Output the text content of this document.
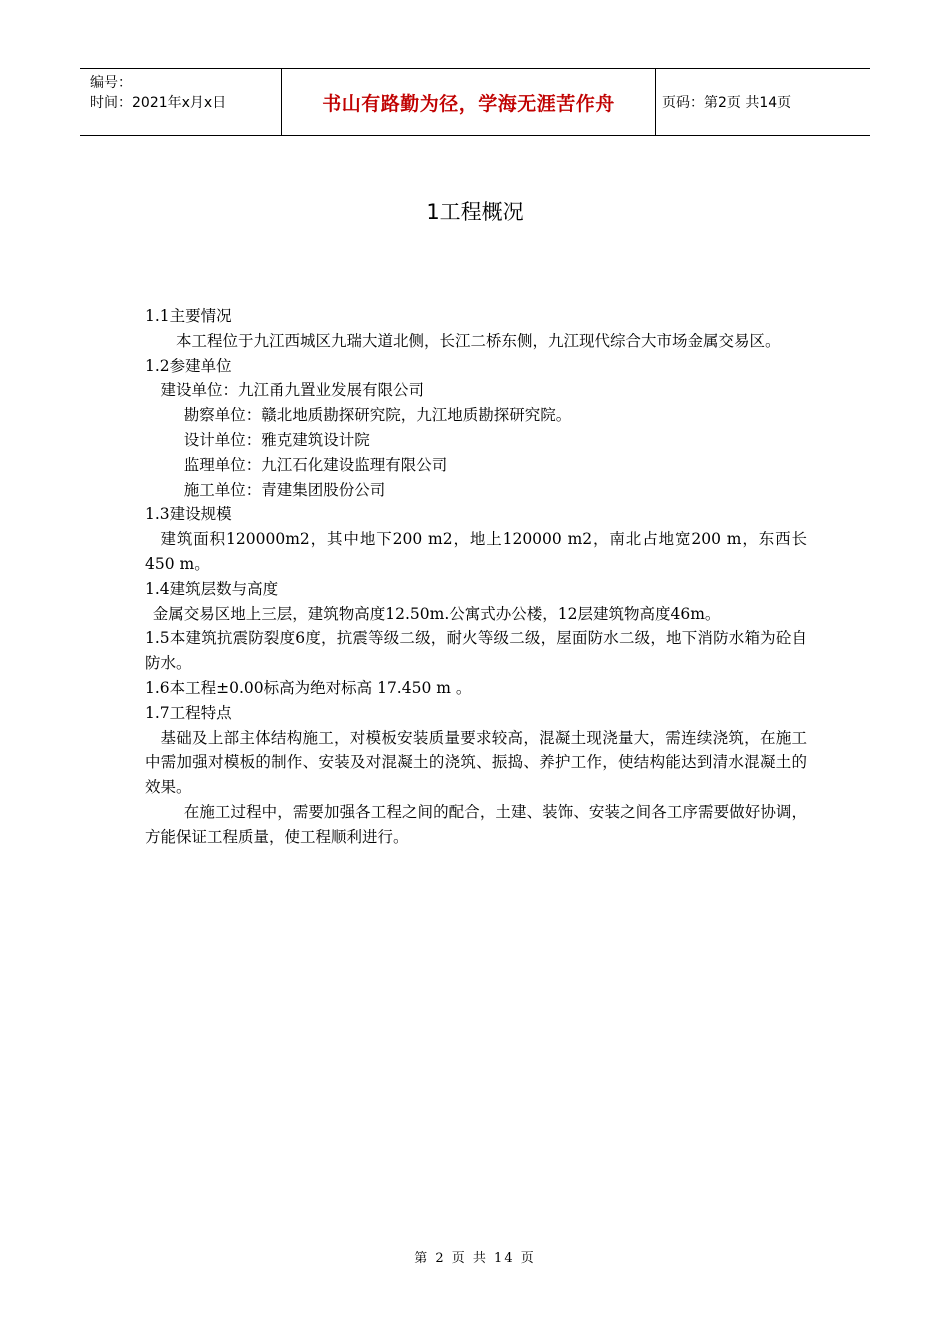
编号：
时间：2021年x月x日	书山有路勤为径，学海无涯苦作舟	页码：第2页 共14页
1工程概况

1.1主要情况

本工程位于九江西城区九瑞大道北侧，长江二桥东侧，九江现代综合大市场金属交易区。

1.2参建单位

建设单位：九江甬九置业发展有限公司

勘察单位：赣北地质勘探研究院，九江地质勘探研究院。

设计单位：雅克建筑设计院

监理单位：九江石化建设监理有限公司

施工单位：青建集团股份公司

1.3建设规模

建筑面积120000m2，其中地下200 m2，地上120000 m2，南北占地宽200 m，东西长450 m。

1.4建筑层数与高度

金属交易区地上三层，建筑物高度12.50m.公寓式办公楼，12层建筑物高度46m。

1.5本建筑抗震防裂度6度，抗震等级二级，耐火等级二级，屋面防水二级，地下消防水箱为砼自防水。

1.6本工程±0.00标高为绝对标高 17.450 m 。

1.7工程特点

基础及上部主体结构施工，对模板安装质量要求较高，混凝土现浇量大，需连续浇筑，在施工中需加强对模板的制作、安装及对混凝土的浇筑、振捣、养护工作，使结构能达到清水混凝土的效果。

在施工过程中，需要加强各工程之间的配合，土建、装饰、安装之间各工序需要做好协调，方能保证工程质量，使工程顺利进行。

第 2 页 共 14 页
